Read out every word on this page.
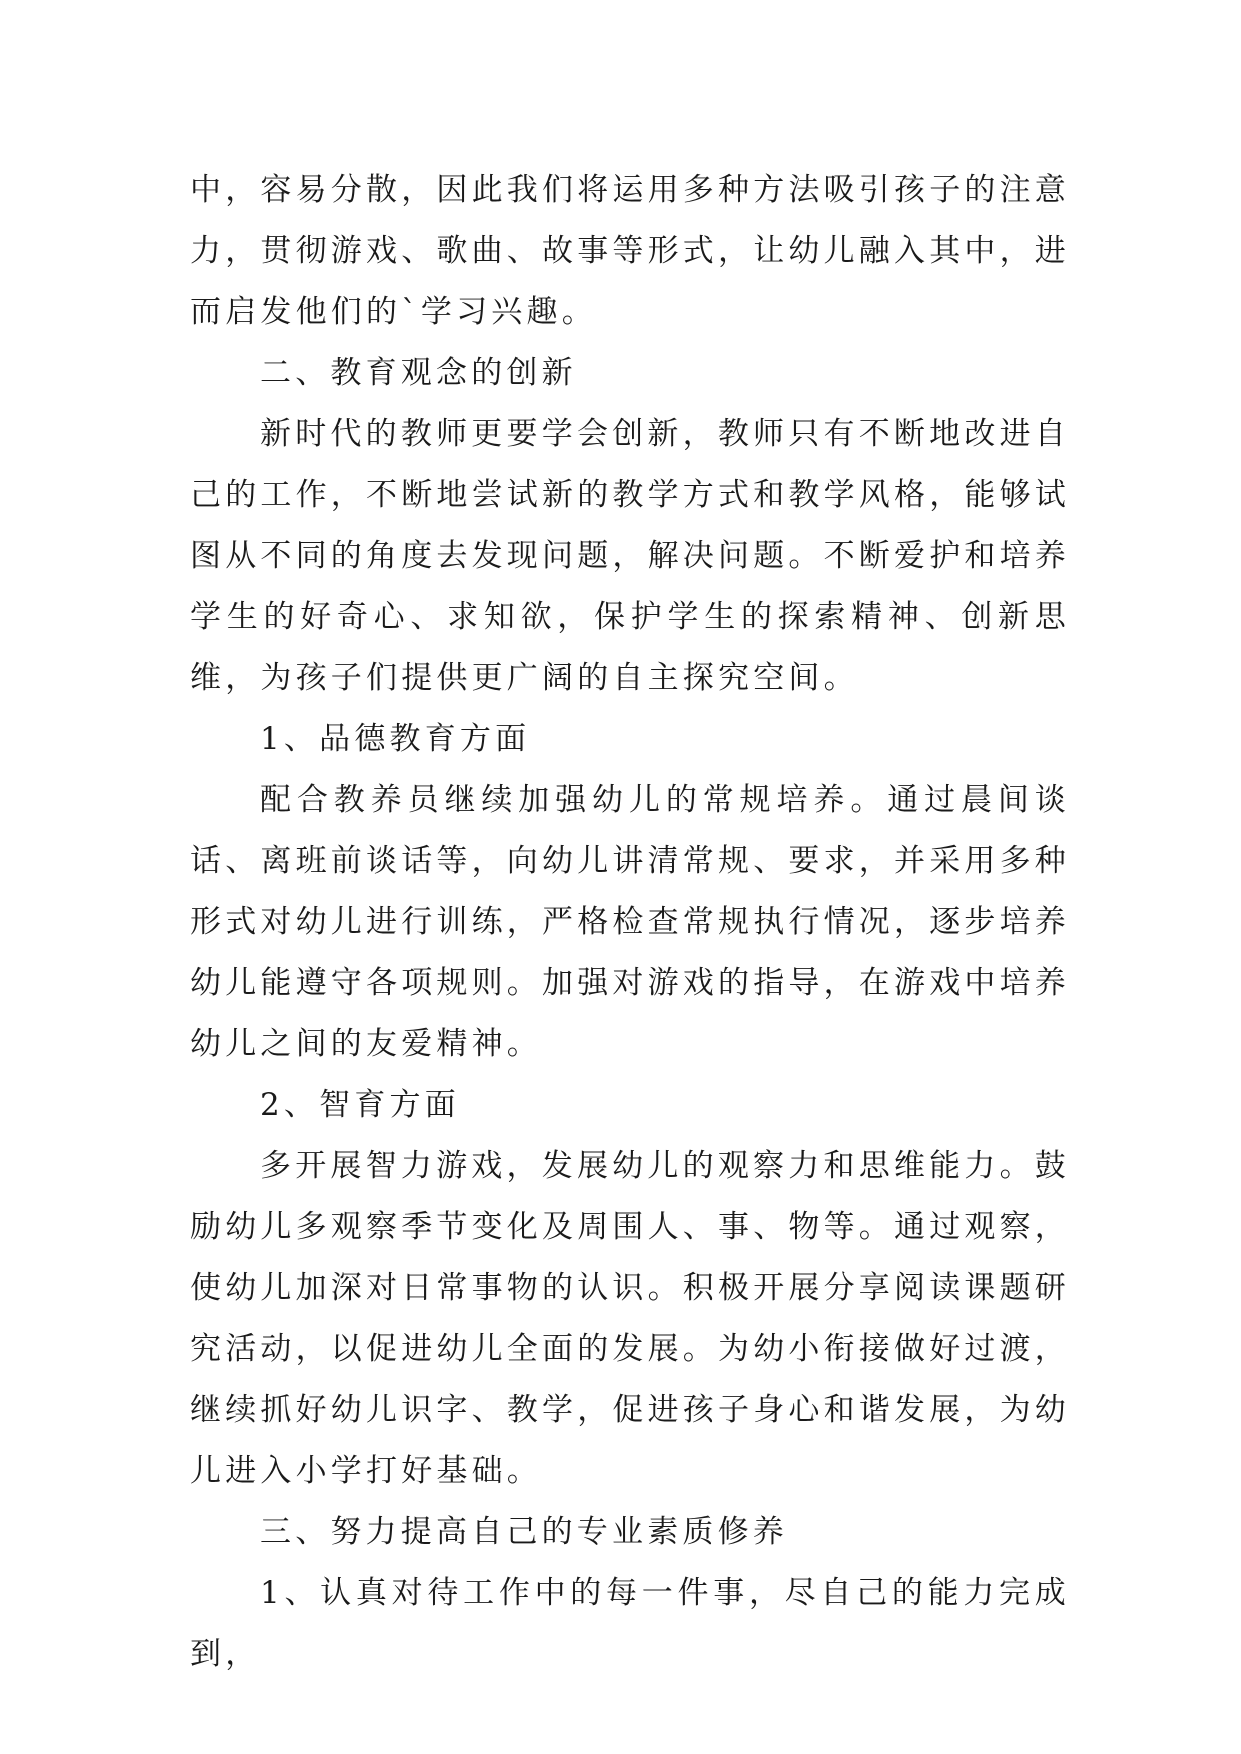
中，容易分散，因此我们将运用多种方法吸引孩子的注意力，贯彻游戏、歌曲、故事等形式，让幼儿融入其中，进而启发他们的`学习兴趣。

二、教育观念的创新

新时代的教师更要学会创新，教师只有不断地改进自己的工作，不断地尝试新的教学方式和教学风格，能够试图从不同的角度去发现问题，解决问题。不断爱护和培养学生的好奇心、求知欲，保护学生的探索精神、创新思维，为孩子们提供更广阔的自主探究空间。

1、品德教育方面

配合教养员继续加强幼儿的常规培养。通过晨间谈话、离班前谈话等，向幼儿讲清常规、要求，并采用多种形式对幼儿进行训练，严格检查常规执行情况，逐步培养幼儿能遵守各项规则。加强对游戏的指导，在游戏中培养幼儿之间的友爱精神。

2、智育方面

多开展智力游戏，发展幼儿的观察力和思维能力。鼓励幼儿多观察季节变化及周围人、事、物等。通过观察，使幼儿加深对日常事物的认识。积极开展分享阅读课题研究活动，以促进幼儿全面的发展。为幼小衔接做好过渡，继续抓好幼儿识字、教学，促进孩子身心和谐发展，为幼儿进入小学打好基础。

三、努力提高自己的专业素质修养

1、认真对待工作中的每一件事，尽自己的能力完成到，
